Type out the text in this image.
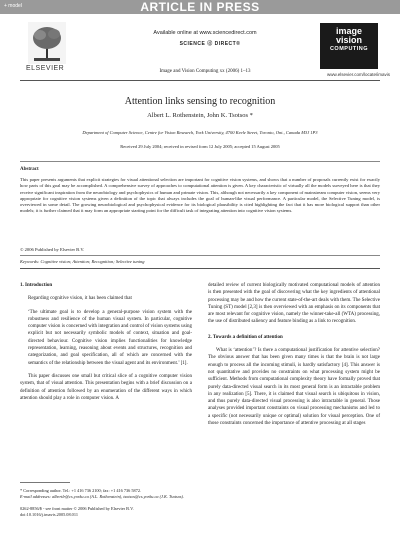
+ model	ARTICLE IN PRESS
ELSEVIER
Available online at www.sciencedirect.com
SCIENCE ⓓ DIRECT®
Image and Vision Computing xx (2006) 1–13
image
vision
COMPUTING
www.elsevier.com/locate/imavis
Attention links sensing to recognition
Albert L. Rothenstein, John K. Tsotsos *
Department of Computer Science, Centre for Vision Research, York University, 4700 Keele Street, Toronto, Ont., Canada M3J 1P3
Received 29 July 2004; received in revised form 12 July 2005; accepted 15 August 2005
Abstract
This paper presents arguments that explicit strategies for visual attentional selection are important for cognitive vision systems, and shows that a number of proposals currently exist for exactly how parts of this goal may be accomplished. A comprehensive survey of approaches to computational attention is given. A key characteristic of virtually all the models surveyed here is that they receive significant inspiration from the neurobiology and psychophysics of human and primate vision. This, although not necessarily a key component of mainstream computer vision, seems very appropriate for cognitive vision systems given a definition of the topic that always includes the goal of human-like visual performance. A particular model, the Selective Tuning model, is overviewed in some detail. The growing neurobiological and psychophysical evidence for its biological plausibility is cited highlighting the fact that it has more biological support than other models; it is further claimed that it may form an appropriate starting point for the difficult task of integrating attention into cognitive vision systems.
© 2006 Published by Elsevier B.V.
Keywords: Cognitive vision; Attention; Recognition; Selective tuning
1. Introduction
Regarding cognitive vision, it has been claimed that
‘The ultimate goal is to develop a general-purpose vision system with the robustness and resilience of the human visual system. In particular, cognitive computer vision is concerned with integration and control of vision systems using explicit but not necessarily symbolic models of context, situation and goal-directed behaviour. Cognitive vision implies functionalities for knowledge representation, learning, reasoning about events and structures, recognition and categorization, and goal specification, all of which are concerned with the semantics of the relationship between the visual agent and its environment.’ [1].
This paper discusses one small but critical slice of a cognitive computer vision system, that of visual attention. This presentation begins with a brief discussion on a definition of attention followed by an enumeration of the different ways in which attention should play a role in computer vision. A
detailed review of current biologically motivated computational models of attention is then presented with the goal of discovering what the key ingredients of attentional processing may be and how the current state-of-the-art deals with them. The Selective Tuning (ST) model [2,3] is then overviewed with an emphasis on its components that are most relevant for cognitive vision, namely the winner-take-all (WTA) processing, the use of distributed saliency and feature binding as a link to recognition.
2. Towards a definition of attention
What is ‘attention’? Is there a computational justification for attentive selection? The obvious answer that has been given many times is that the brain is not large enough to process all the incoming stimuli, is hardly satisfactory [4]. This answer is not quantitative and provides no constraints on what processing system might be sufficient. Methods from computational complexity theory have formally proved that purely data-directed visual search in its most general form is an intractable problem in any realization [5]. There, it is claimed that visual search is ubiquitous in vision, and thus purely data-directed visual processing is also intractable in general. Those analyses provided important constraints on visual processing mechanisms and led to a specific (not necessarily unique or optimal) solution for visual perception. One of those constraints concerned the importance of attentive processing at all stages
* Corresponding author. Tel.: +1 416 736 2100; fax: +1 416 736 5872.
E-mail addresses: albertlr@cs.yorku.ca (A.L. Rothenstein), tsotsos@cs.yorku.ca (J.K. Tsotsos).
0262-8856/$ - see front matter © 2006 Published by Elsevier B.V.
doi:10.1016/j.imavis.2005.08.011
